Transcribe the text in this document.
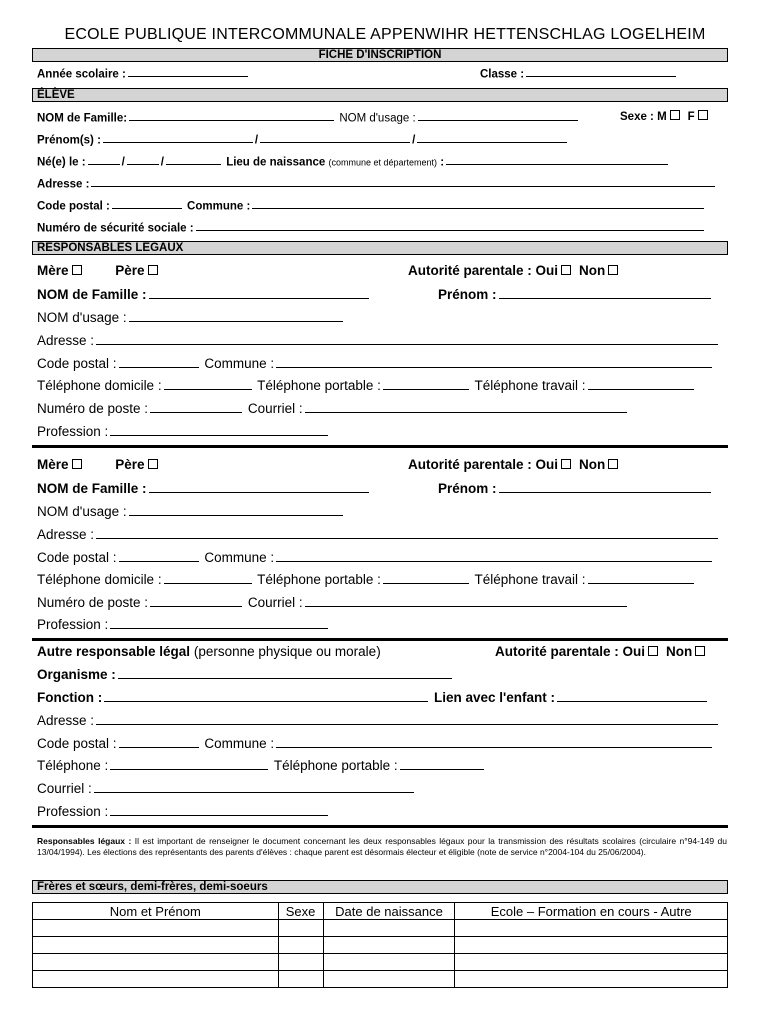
ECOLE PUBLIQUE INTERCOMMUNALE APPENWIHR HETTENSCHLAG LOGELHEIM
FICHE D'INSCRIPTION
Année scolaire :	Classe :
ÉLÈVE
NOM de Famille:	NOM d'usage :	Sexe : M F
Prénom(s) :	/	/
Né(e) le :	/	/	Lieu de naissance (commune et département) :
Adresse :
Code postal :	Commune :
Numéro de sécurité sociale :
RESPONSABLES LEGAUX
Mère	Père	Autorité parentale : Oui Non
NOM de Famille :	Prénom :
NOM d'usage :
Adresse :
Code postal :	Commune :
Téléphone domicile :	Téléphone portable :	Téléphone travail :
Numéro de poste :	Courriel :
Profession :
Mère	Père	Autorité parentale : Oui Non
NOM de Famille :	Prénom :
NOM d'usage :
Adresse :
Code postal :	Commune :
Téléphone domicile :	Téléphone portable :	Téléphone travail :
Numéro de poste :	Courriel :
Profession :
Autre responsable légal (personne physique ou morale)	Autorité parentale : Oui Non
Organisme :
Fonction :	Lien avec l'enfant :
Adresse :
Code postal :	Commune :
Téléphone :	Téléphone portable :
Courriel :
Profession :
Responsables légaux : Il est important de renseigner le document concernant les deux responsables légaux pour la transmission des résultats scolaires (circulaire n°94-149 du 13/04/1994). Les élections des représentants des parents d'élèves : chaque parent est désormais électeur et éligible (note de service n°2004-104 du 25/06/2004).
Frères et sœurs, demi-frères, demi-soeurs
Nom et Prénom	Sexe	Date de naissance	Ecole – Formation en cours - Autre
